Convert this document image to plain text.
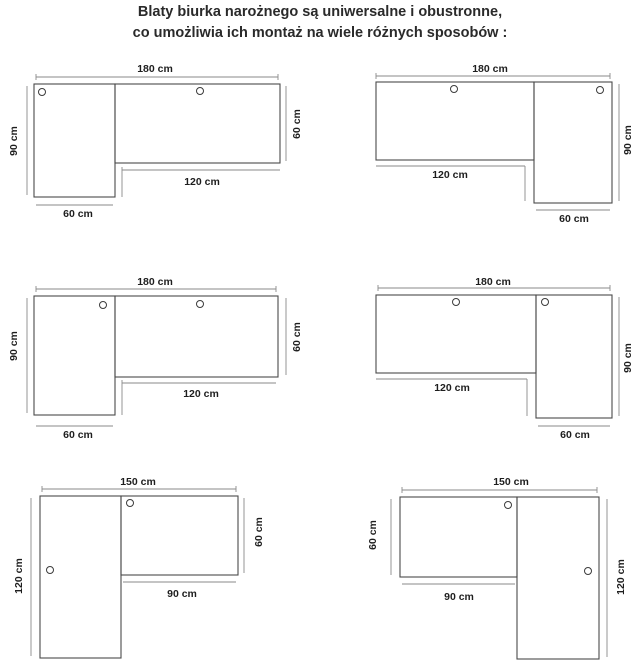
Blaty biurka narożnego są uniwersalne i obustronne,
co umożliwia ich montaż na wiele różnych sposobów :
180 cm
60 cm
120 cm
90 cm
60 cm
180 cm
120 cm
90 cm
60 cm
180 cm
90 cm	60 cm
120 cm
60 cm
180 cm
120 cm
90 cm
60 cm
150 cm
120 cm
60 cm
90 cm
150 cm
60 cm
90 cm
120 cm
